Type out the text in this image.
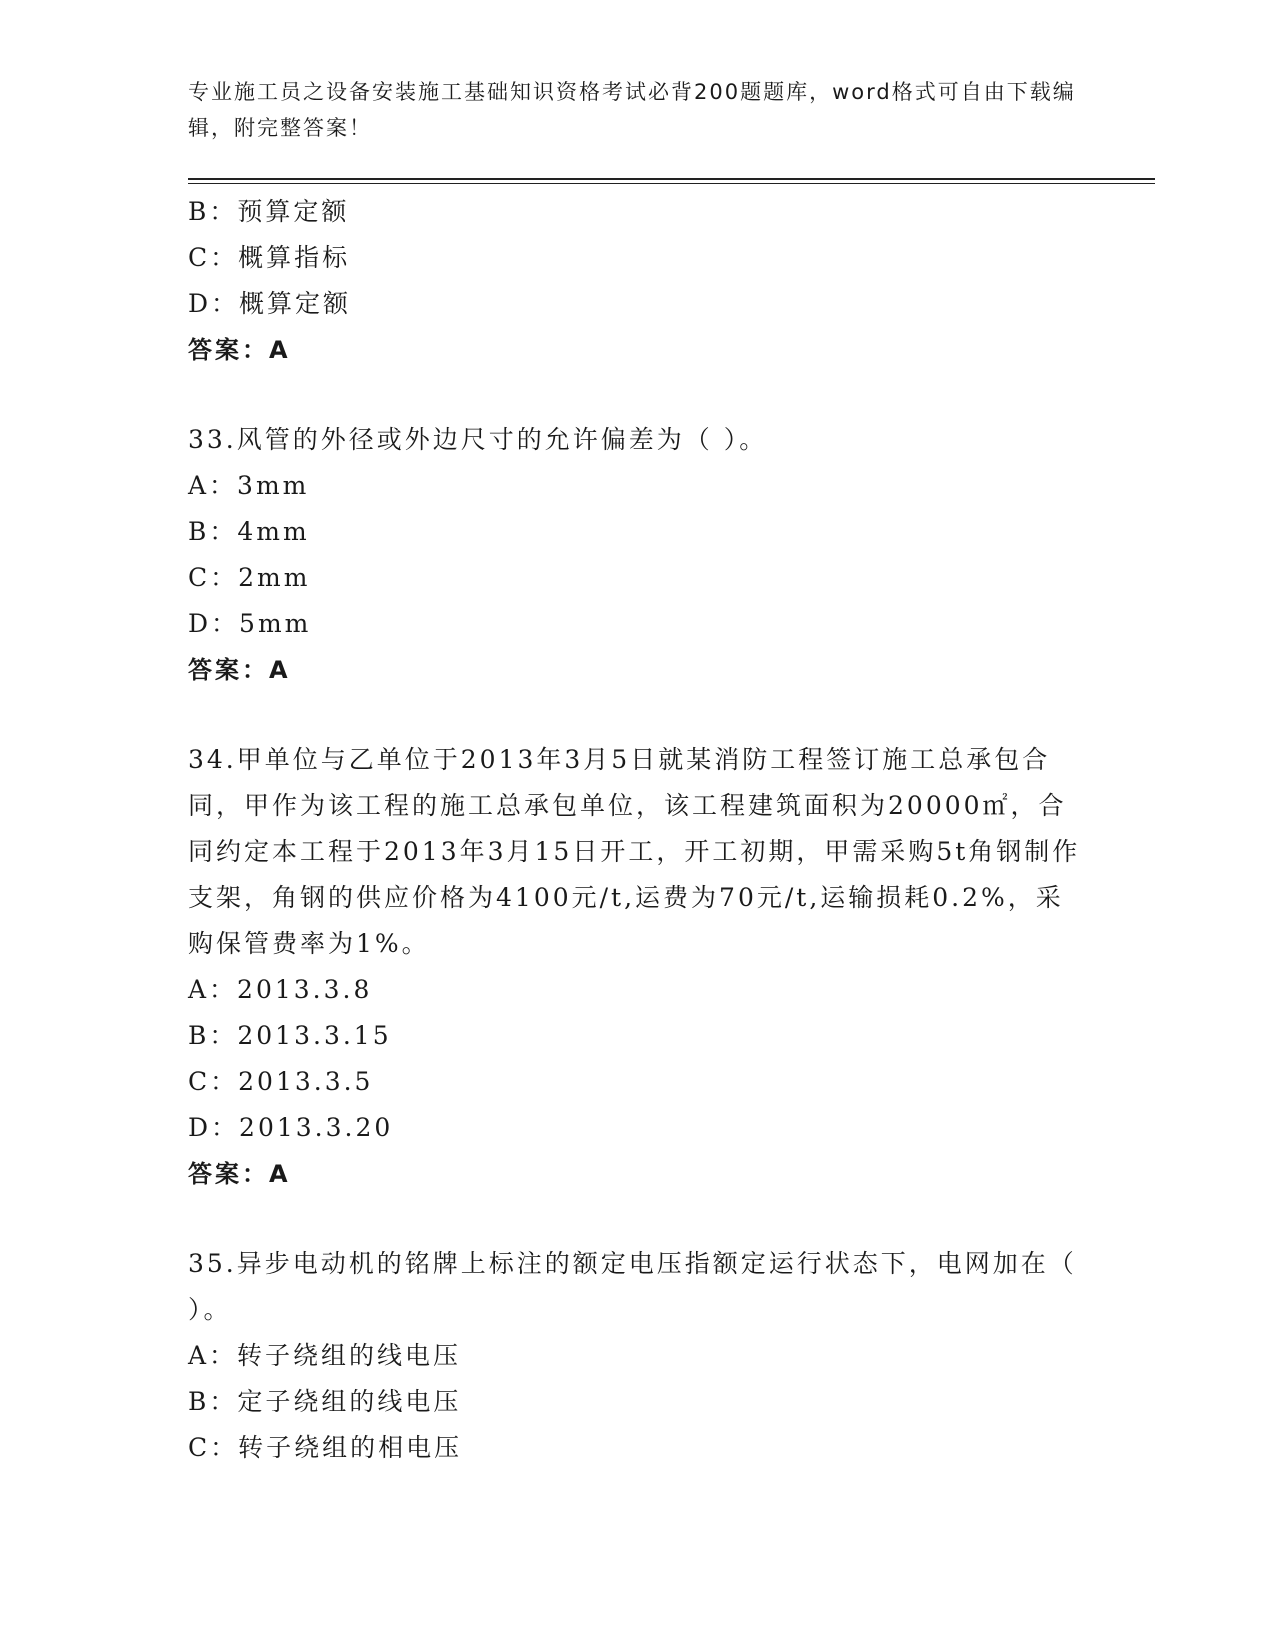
专业施工员之设备安装施工基础知识资格考试必背200题题库，word格式可自由下载编辑，附完整答案！
B：预算定额
C：概算指标
D：概算定额
答案：A
33.风管的外径或外边尺寸的允许偏差为（ ）。
A：3mm
B：4mm
C：2mm
D：5mm
答案：A
34.甲单位与乙单位于2013年3月5日就某消防工程签订施工总承包合同，甲作为该工程的施工总承包单位，该工程建筑面积为20000㎡，合同约定本工程于2013年3月15日开工，开工初期，甲需采购5t角钢制作支架，角钢的供应价格为4100元/t,运费为70元/t,运输损耗0.2%，采购保管费率为1%。
A：2013.3.8
B：2013.3.15
C：2013.3.5
D：2013.3.20
答案：A
35.异步电动机的铭牌上标注的额定电压指额定运行状态下，电网加在（ ）。
A：转子绕组的线电压
B：定子绕组的线电压
C：转子绕组的相电压
